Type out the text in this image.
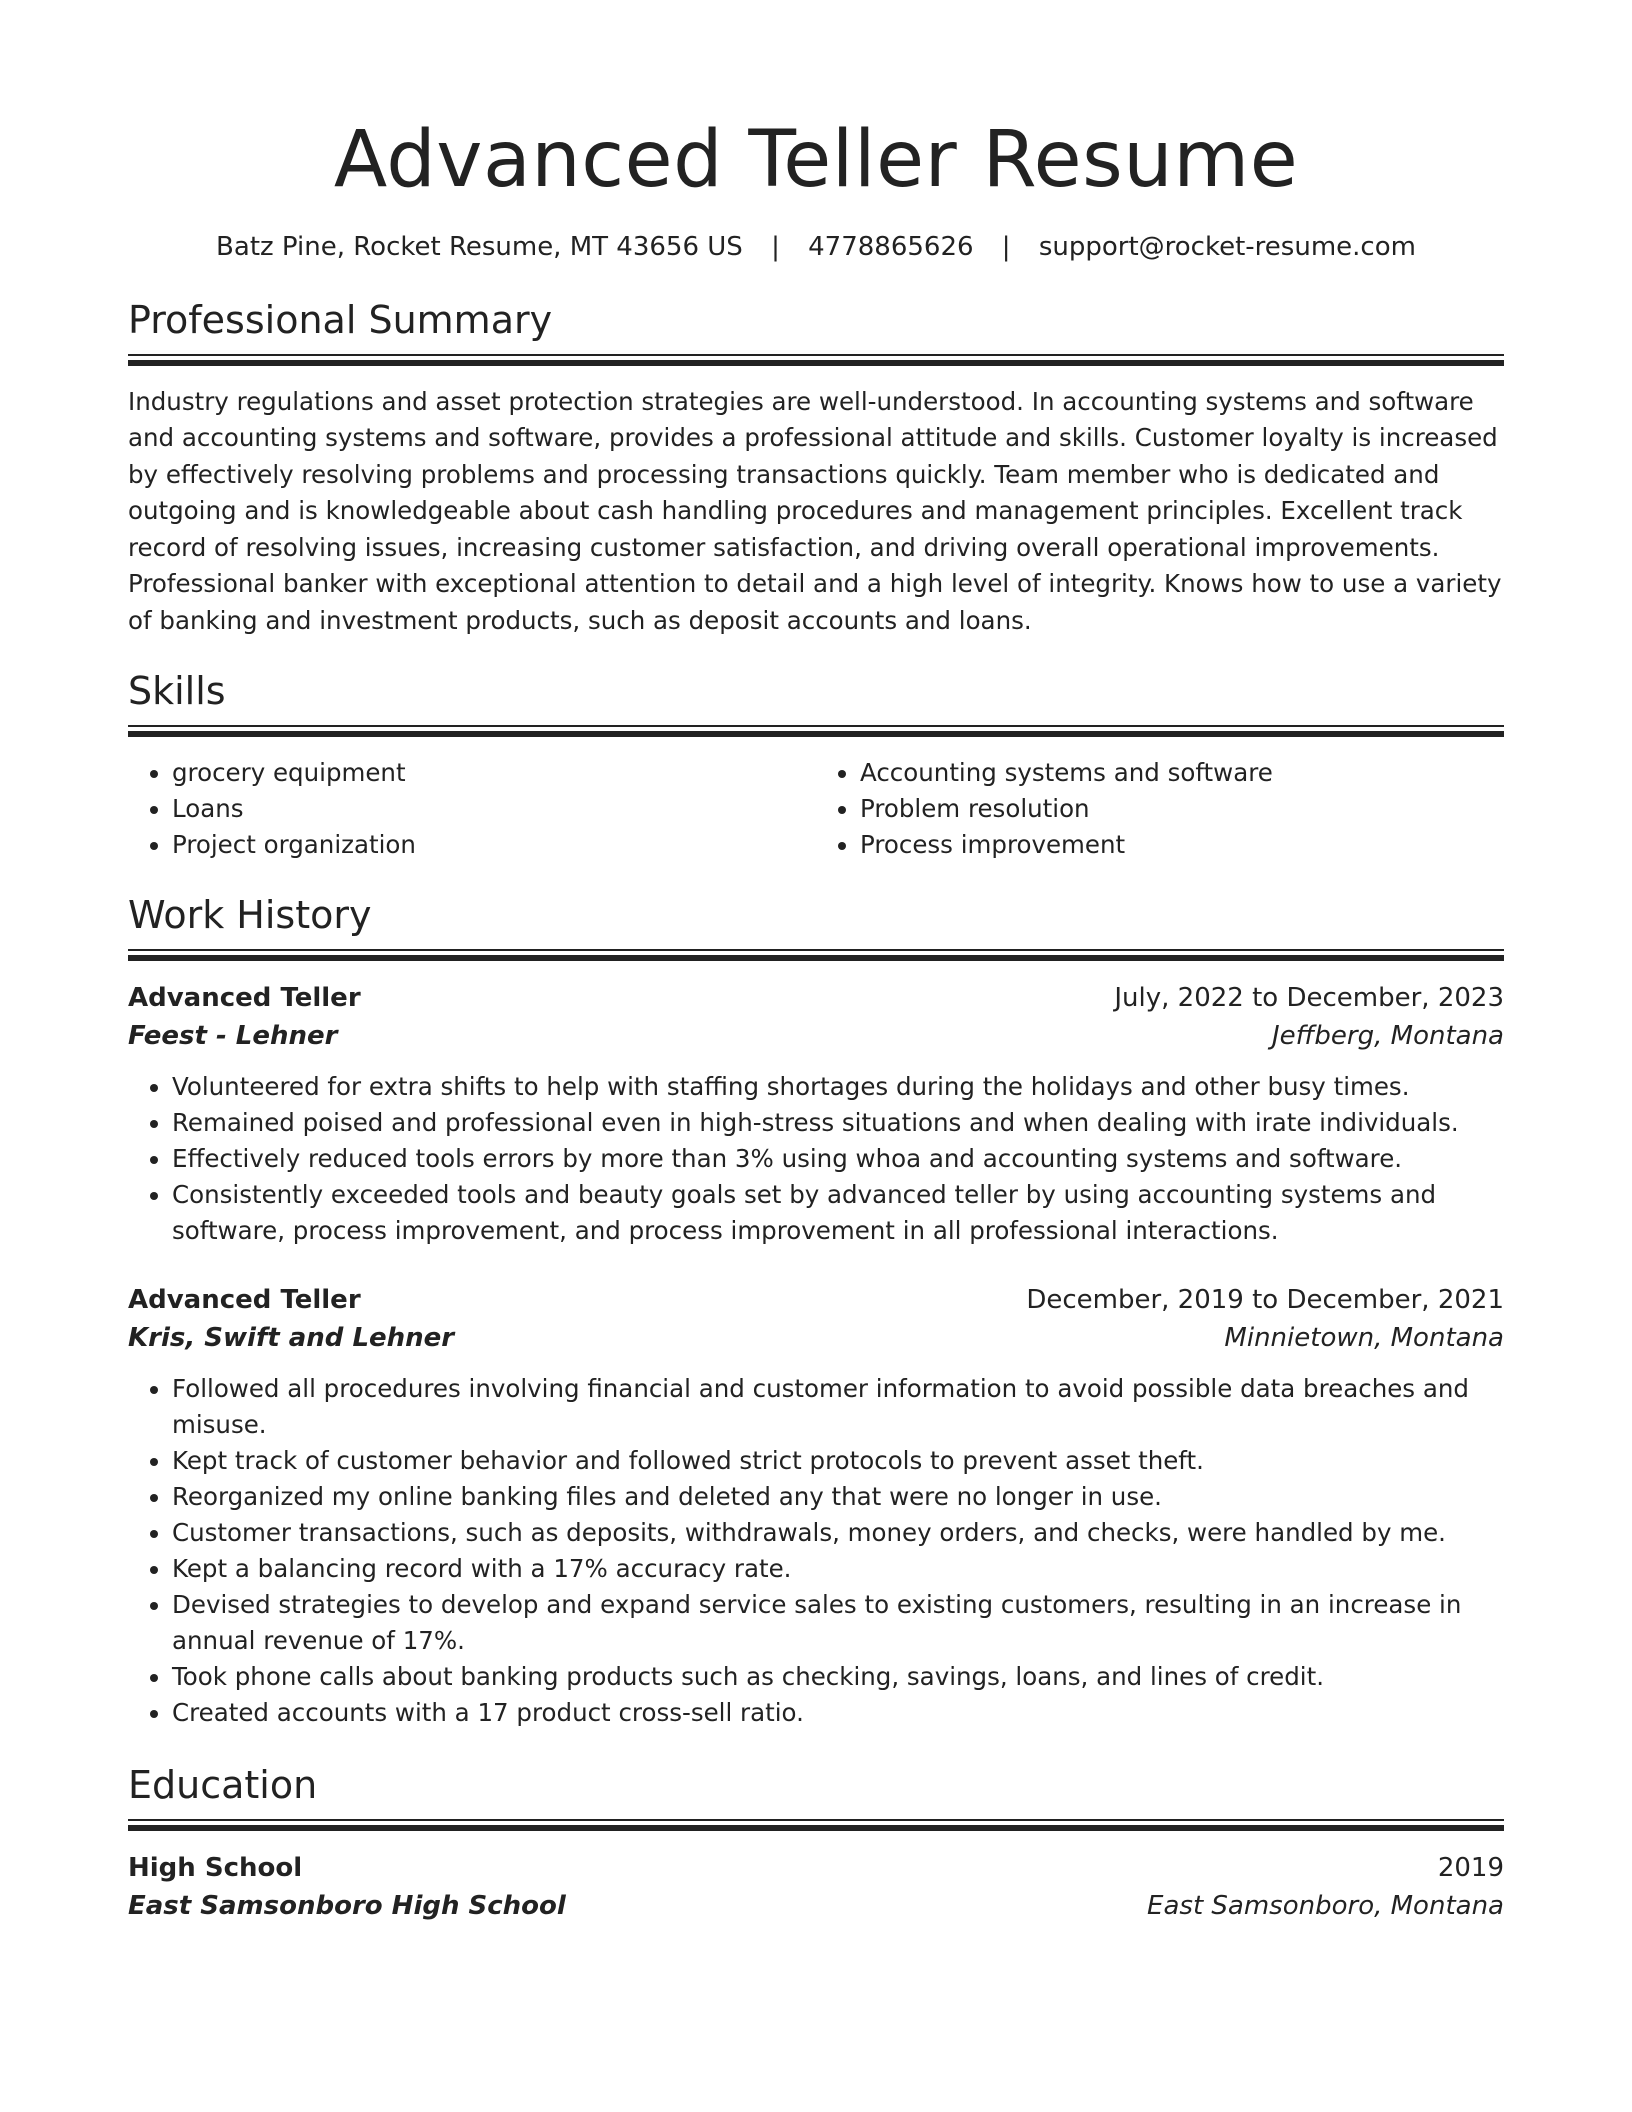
Advanced Teller Resume
Batz Pine, Rocket Resume, MT 43656 US | 4778865626 | support@rocket-resume.com
Professional Summary

Industry regulations and asset protection strategies are well-understood. In accounting systems and software and accounting systems and software, provides a professional attitude and skills. Customer loyalty is increased by effectively resolving problems and processing transactions quickly. Team member who is dedicated and outgoing and is knowledgeable about cash handling procedures and management principles. Excellent track record of resolving issues, increasing customer satisfaction, and driving overall operational improvements. Professional banker with exceptional attention to detail and a high level of integrity. Knows how to use a variety of banking and investment products, such as deposit accounts and loans.

Skills
• grocery equipment
• Loans
• Project organization
• Accounting systems and software
• Problem resolution
• Process improvement
Work History
Advanced Teller	July, 2022 to December, 2023
Feest - Lehner	Jeffberg, Montana
• Volunteered for extra shifts to help with staffing shortages during the holidays and other busy times.
• Remained poised and professional even in high-stress situations and when dealing with irate individuals.
• Effectively reduced tools errors by more than 3% using whoa and accounting systems and software.
• Consistently exceeded tools and beauty goals set by advanced teller by using accounting systems and software, process improvement, and process improvement in all professional interactions.
Advanced Teller	December, 2019 to December, 2021
Kris, Swift and Lehner	Minnietown, Montana
• Followed all procedures involving financial and customer information to avoid possible data breaches and misuse.
• Kept track of customer behavior and followed strict protocols to prevent asset theft.
• Reorganized my online banking files and deleted any that were no longer in use.
• Customer transactions, such as deposits, withdrawals, money orders, and checks, were handled by me.
• Kept a balancing record with a 17% accuracy rate.
• Devised strategies to develop and expand service sales to existing customers, resulting in an increase in annual revenue of 17%.
• Took phone calls about banking products such as checking, savings, loans, and lines of credit.
• Created accounts with a 17 product cross-sell ratio.
Education
High School	2019
East Samsonboro High School	East Samsonboro, Montana
